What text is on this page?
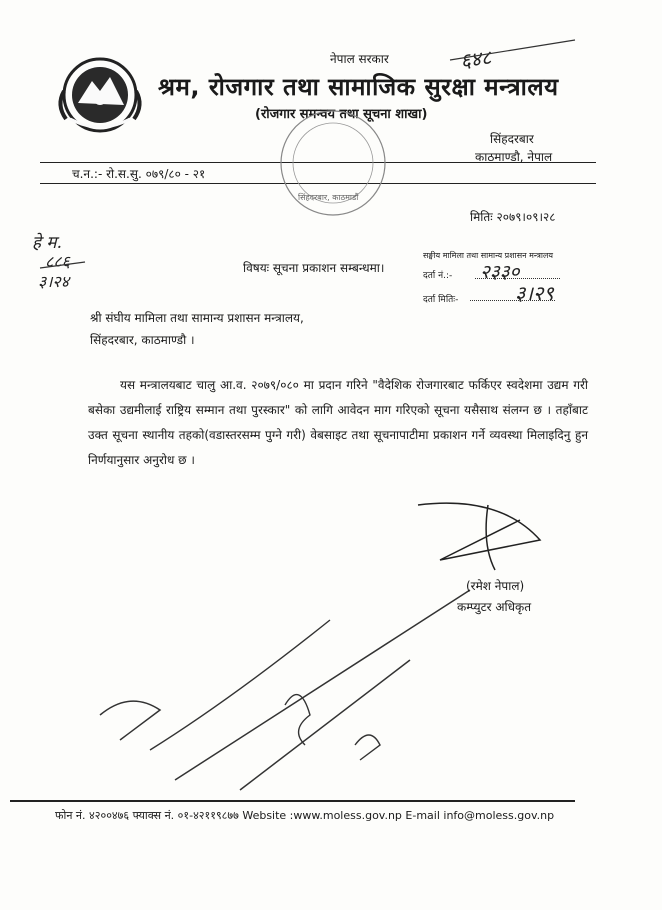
नेपाल सरकार
श्रम, रोजगार तथा सामाजिक सुरक्षा मन्त्रालय
(रोजगार समन्वय तथा सूचना शाखा)
सिंहदरबार
काठमाण्डौ, नेपाल
च.न.:- रो.स.सु. ०७९/८० - २१
सिंहदरबार, काठमाडौं
मितिः २०७९।०९।२८
विषयः सूचना प्रकाशन सम्बन्धमा।
सङ्घीय मामिला तथा सामान्य प्रशासन मन्त्रालय
दर्ता नं.:- २३३०
दर्ता मितिः-	३।२९
श्री संघीय मामिला तथा सामान्य प्रशासन मन्त्रालय,
सिंहदरबार, काठमाण्डौ ।
यस मन्त्रालयबाट चालु आ.व. २०७९/०८० मा प्रदान गरिने "वैदेशिक रोजगारबाट फर्किएर स्वदेशमा उद्यम गरी बसेका उद्यमीलाई राष्ट्रिय सम्मान तथा पुरस्कार" को लागि आवेदन माग गरिएको सूचना यसैसाथ संलग्न छ । तहाँबाट उक्त सूचना स्थानीय तहको(वडास्तरसम्म पुग्ने गरी) वेबसाइट तथा सूचनापाटीमा प्रकाशन गर्ने व्यवस्था मिलाइदिनु हुन निर्णयानुसार अनुरोध छ ।
६४८
हे म.
८८६
३।२४
(रमेश नेपाल)
कम्प्युटर अधिकृत
फोन नं. ४२००४७६ फ्याक्स नं. ०१-४२११९८७७ Website :www.moless.gov.np E-mail info@moless.gov.np
